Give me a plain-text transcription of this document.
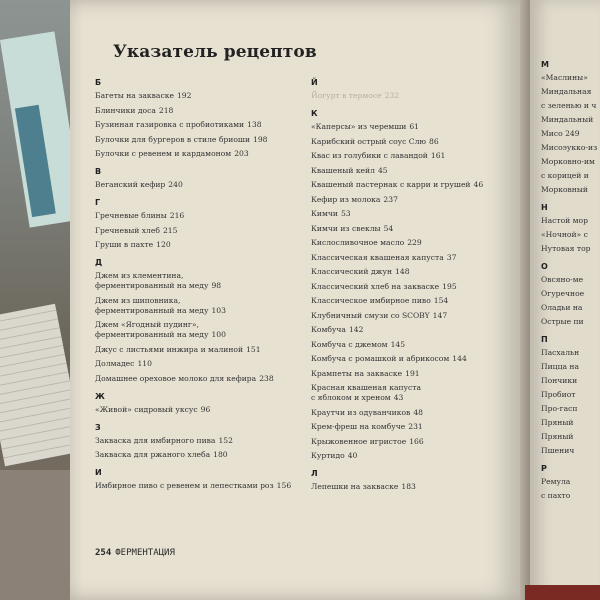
Указатель рецептов
Б
Багеты на закваске 192
Блинчики доса 218
Бузинная газировка с пробиотиками 138
Булочки для бургеров в стиле бриоши 198
Булочки с ревенем и кардамоном 203
В
Веганский кефир 240
Г
Гречневые блины 216
Гречневый хлеб 215
Груши в пахте 120
Д
Джем из клементина,
ферментированный на меду 98
Джем из шиповника,
ферментированный на меду 103
Джем «Ягодный пудинг»,
ферментированный на меду 100
Джус с листьями инжира и малиной 151
Долмадес 110
Домашнее ореховое молоко для кефира 238
Ж
«Живой» сидровый уксус 96
З
Закваска для имбирного пива 152
Закваска для ржаного хлеба 180
И
Имбирное пиво с ревенем и лепестками роз 156
Й
Йогурт в термосе 232
К
«Каперсы» из черемши 61
Карибский острый соус Слю 86
Квас из голубики с лавандой 161
Квашеный кейл 45
Квашеный пастернак с карри и грушей 46
Кефир из молока 237
Кимчи 53
Кимчи из свеклы 54
Кислосливочное масло 229
Классическая квашеная капуста 37
Классический джун 148
Классический хлеб на закваске 195
Классическое имбирное пиво 154
Клубничный смузи со SCOBY 147
Комбуча 142
Комбуча с джемом 145
Комбуча с ромашкой и абрикосом 144
Крампеты на закваске 191
Красная квашеная капуста
с яблоком и хреном 43
Краутчи из одуванчиков 48
Крем-фреш на комбуче 231
Крыжовенное игристое 166
Куртидо 40
Л
Лепешки на закваске 183
М
«Маслины»
Миндальная
с зеленью и ч
Миндальный
Мисо 249
Мисоэукко-из
Морковно-им
с корицей и
Морковный
Н
Настой мор
«Ночной» с
Нутовая тор
О
Овсяно-ме
Огуречное
Оладьи на
Острые пи
П
Пасхальн
Пицца на
Пончики
Пробиот
Про-гасп
Пряный
Пряный
Пшенич
Р
Ремула
с пахто
254 ФЕРМЕНТАЦИЯ
